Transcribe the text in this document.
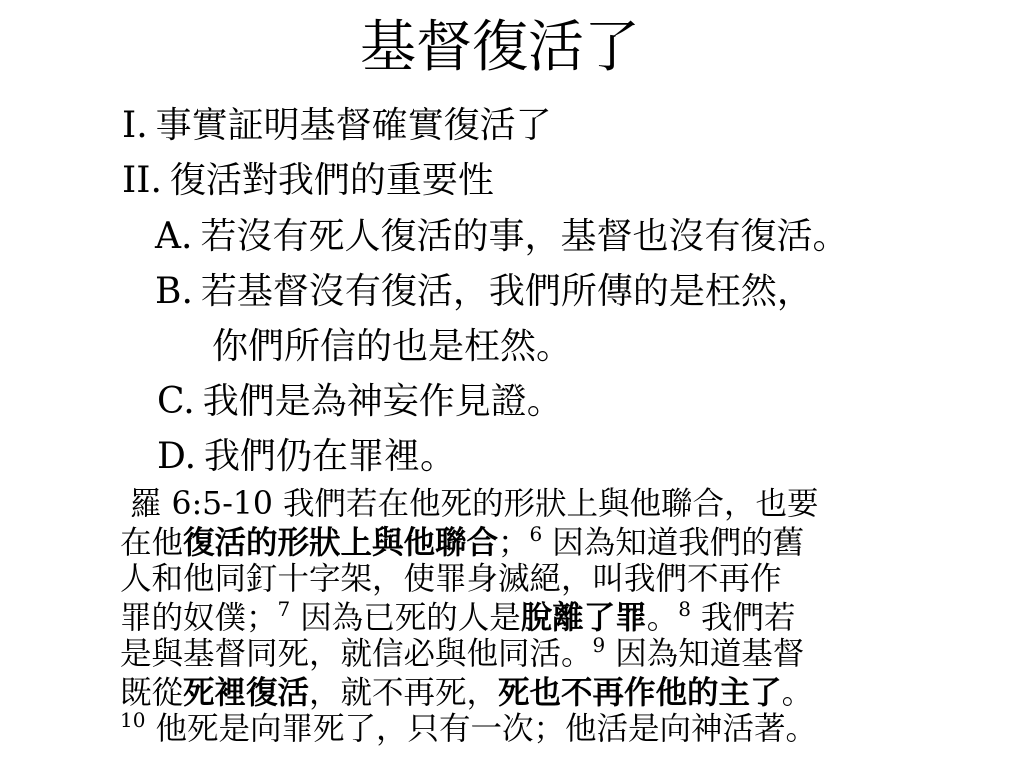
基督復活了
I. 事實証明基督確實復活了
II. 復活對我們的重要性
A. 若沒有死人復活的事，基督也沒有復活。
B. 若基督沒有復活，我們所傳的是枉然，
你們所信的也是枉然。
C. 我們是為神妄作見證。
D. 我們仍在罪裡。
羅 6:5-10 我們若在他死的形狀上與他聯合，也要
在他復活的形狀上與他聯合；$^6$ 因為知道我們的舊
人和他同釘十字架，使罪身滅絕，叫我們不再作
罪的奴僕；$^7$ 因為已死的人是脫離了罪。$^8$ 我們若
是與基督同死，就信必與他同活。$^9$ 因為知道基督
既從死裡復活，就不再死，死也不再作他的主了。
$^{10}$ 他死是向罪死了，只有一次；他活是向神活著。
